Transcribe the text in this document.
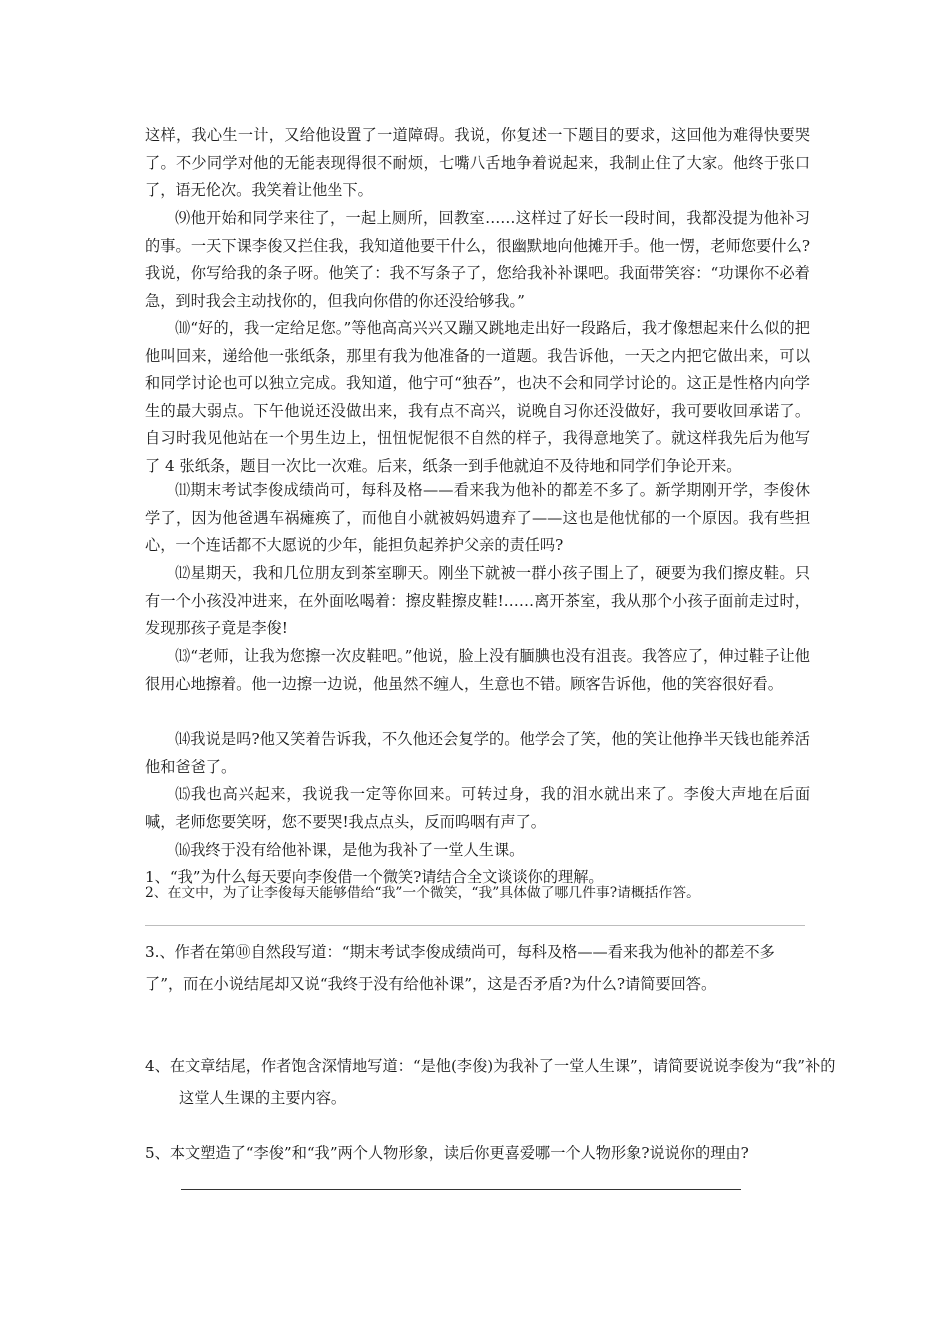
这样，我心生一计，又给他设置了一道障碍。我说，你复述一下题目的要求，这回他为难得快要哭了。不少同学对他的无能表现得很不耐烦，七嘴八舌地争着说起来，我制止住了大家。他终于张口了，语无伦次。我笑着让他坐下。

⑼他开始和同学来往了，一起上厕所，回教室……这样过了好长一段时间，我都没提为他补习的事。一天下课李俊又拦住我，我知道他要干什么，很幽默地向他摊开手。他一愣，老师您要什么?我说，你写给我的条子呀。他笑了：我不写条子了，您给我补补课吧。我面带笑容：“功课你不必着急，到时我会主动找你的，但我向你借的你还没给够我。”

⑽“好的，我一定给足您。”等他高高兴兴又蹦又跳地走出好一段路后，我才像想起来什么似的把他叫回来，递给他一张纸条，那里有我为他准备的一道题。我告诉他，一天之内把它做出来，可以和同学讨论也可以独立完成。我知道，他宁可“独吞”，也决不会和同学讨论的。这正是性格内向学生的最大弱点。下午他说还没做出来，我有点不高兴，说晚自习你还没做好，我可要收回承诺了。自习时我见他站在一个男生边上，忸忸怩怩很不自然的样子，我得意地笑了。就这样我先后为他写了 4 张纸条，题目一次比一次难。后来，纸条一到手他就迫不及待地和同学们争论开来。

⑾期末考试李俊成绩尚可，每科及格——看来我为他补的都差不多了。新学期刚开学，李俊休学了，因为他爸遇车祸瘫痪了，而他自小就被妈妈遗弃了——这也是他忧郁的一个原因。我有些担心，一个连话都不大愿说的少年，能担负起养护父亲的责任吗?

⑿星期天，我和几位朋友到茶室聊天。刚坐下就被一群小孩子围上了，硬要为我们擦皮鞋。只有一个小孩没冲进来，在外面吆喝着：擦皮鞋擦皮鞋!……离开茶室，我从那个小孩子面前走过时，发现那孩子竟是李俊!

⒀“老师，让我为您擦一次皮鞋吧。”他说，脸上没有腼腆也没有沮丧。我答应了，伸过鞋子让他很用心地擦着。他一边擦一边说，他虽然不缠人，生意也不错。顾客告诉他，他的笑容很好看。

⒁我说是吗?他又笑着告诉我，不久他还会复学的。他学会了笑，他的笑让他挣半天钱也能养活他和爸爸了。

⒂我也高兴起来，我说我一定等你回来。可转过身，我的泪水就出来了。李俊大声地在后面喊，老师您要笑呀，您不要哭!我点点头，反而呜咽有声了。

⒃我终于没有给他补课，是他为我补了一堂人生课。

1、“我”为什么每天要向李俊借一个微笑?请结合全文谈谈你的理解。

2、在文中，为了让李俊每天能够借给“我”一个微笑，“我”具体做了哪几件事?请概括作答。

3.、作者在第⑩自然段写道：“期末考试李俊成绩尚可，每科及格——看来我为他补的都差不多了”，而在小说结尾却又说“我终于没有给他补课”，这是否矛盾?为什么?请简要回答。

4、在文章结尾，作者饱含深情地写道：“是他(李俊)为我补了一堂人生课”，请简要说说李俊为“我”补的这堂人生课的主要内容。

5、本文塑造了“李俊”和“我”两个人物形象，读后你更喜爱哪一个人物形象?说说你的理由?
